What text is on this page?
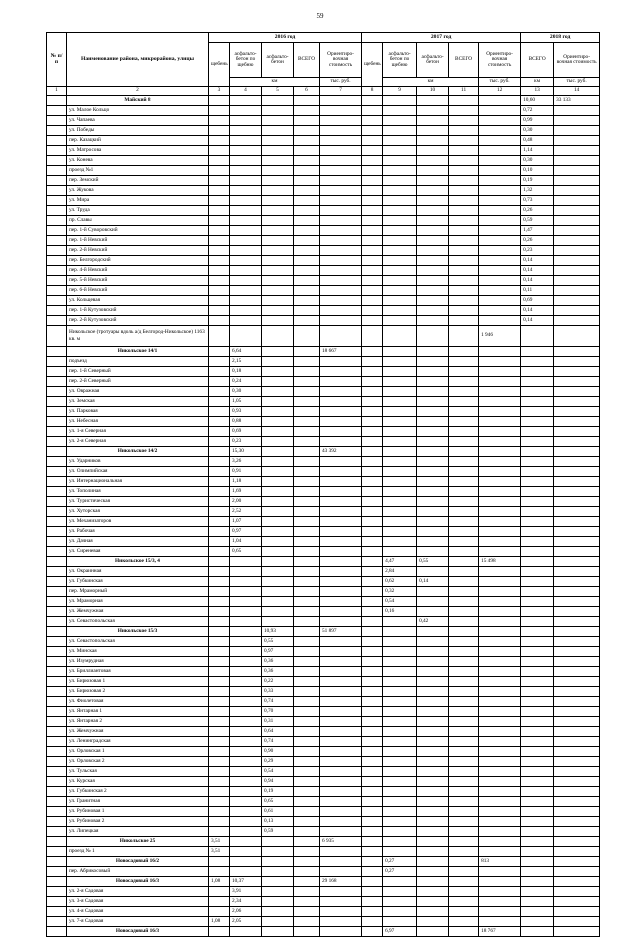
59
№ п/п	Наименование района, микрорайона, улицы	2016 год					2017 год					2018 год	
		щебень	асфальто-бетон по щебню	асфальто-бетон	ВСЕГО	Ориентиро-вочная стоимость	щебень	асфальто-бетон по щебню	асфальто-бетон	ВСЕГО	Ориентиро-вочная стоимость	ВСЕГО	Ориентиро-вочная стоимость
			км			тыс. руб.		км			тыс. руб.	км	тыс. руб.
1	2	3	4	5	6	7	8	9	10	11	12	13	14
	Майский 8											10,60	33 133
	ул. Малое Кольцо											0,72	
	ул. Чапаева											0,99	
	ул. Победы											0,30	
	пер. Казацкий											0,48	
	ул. Матросова											1,14	
	ул. Конева											0,30	
	проезд №1											0,10	
	пер. Земский											0,19	
	ул. Жукова											1,32	
	ул. Мира											0,73	
	ул. Труда											0,26	
	пр. Славы											0,59	
	пер. 1-й Суворовский											1,47	
	пер. 1-й Невский											0,26	
	пер. 2-й Невский											0,23	
	пер. Белгородский											0,14	
	пер. 4-й Невский											0,14	
	пер. 5-й Невский											0,14	
	пер. 6-й Невский											0,11	
	ул. Кольцевая											0,69	
	пер. 1-й Кутузовский											0,14	
	пер. 2-й Кутузовский											0,14	
	Никольское (тротуары вдоль а/д Белгород-Никольское) 1163 кв. м										1 946		
	Никольское 14/1		6,64			18 667							
	подъезд		2,15										
	пер. 1-й Северный		0,18										
	пер. 2-й Северный		0,24										
	ул. Овражная		0,30										
	ул. Земская		1,05										
	ул. Парковая		0,93										
	ул. Небесная		0,88										
	ул. 1-я Северная		0,69										
	ул. 2-я Северная		0,23										
	Никольское 14/2		15,30			43 392							
	ул. Ударников		3,26										
	ул. Олимпийская		0,91										
	ул. Интернациональная		1,18										
	ул. Тополиная		1,69										
	ул. Туристическая		2,00										
	ул. Хуторская		2,52										
	ул. Механизаторов		1,07										
	ул. Рабочая		0,97										
	ул. Дачная		1,04										
	ул. Сиреневая		0,65										
	Никольское 15/3, 4							4,47	0,55		15 498		
	ул. Окраинная							2,84					
	ул. Губкинская							0,62	0,14				
	пер. Мраморный							0,32					
	ул. Мраморная							0,54					
	ул. Жемчужная							0,16					
	ул. Севастопольская								0,42				
	Никольское 15/3			10,93		51 897							
	ул. Севастопольская			0,55									
	ул. Минская			0,97									
	ул. Изумрудная			0,36									
	ул. Бриллиантовая			0,36									
	ул. Бирюзовая 1			0,22									
	ул. Бирюзовая 2			0,33									
	ул. Фиолетовая			0,74									
	ул. Янтарная 1			0,70									
	ул. Янтарная 2			0,31									
	ул. Жемчужная			0,64									
	ул. Ленинградская			0,74									
	ул. Орловская 1			0,90									
	ул. Орловская 2			0,29									
	ул. Тульская			0,54									
	ул. Курская			0,94									
	ул. Губкинская 2			0,19									
	ул. Гранитная			0,65									
	ул. Рубиновая 1			0,61									
	ул. Рубиновая 2			0,13									
	ул. Липецкая			0,59									
	Никольское 25	3,51				6 935							
	проезд № 1	3,51											
	Новосадовый 16/2							0,27			813		
	пер. Абрикосовый							0,27					
	Новосадовый 16/3	1,08	10,37			29 168							
	ул. 2-я Садовая		3,91										
	ул. 3-я Садовая		2,34										
	ул. 4-я Садовая		2,06										
	ул. 7-я Садовая	1,08	2,05										
	Новосадовый 16/3							6,97			18 767		
